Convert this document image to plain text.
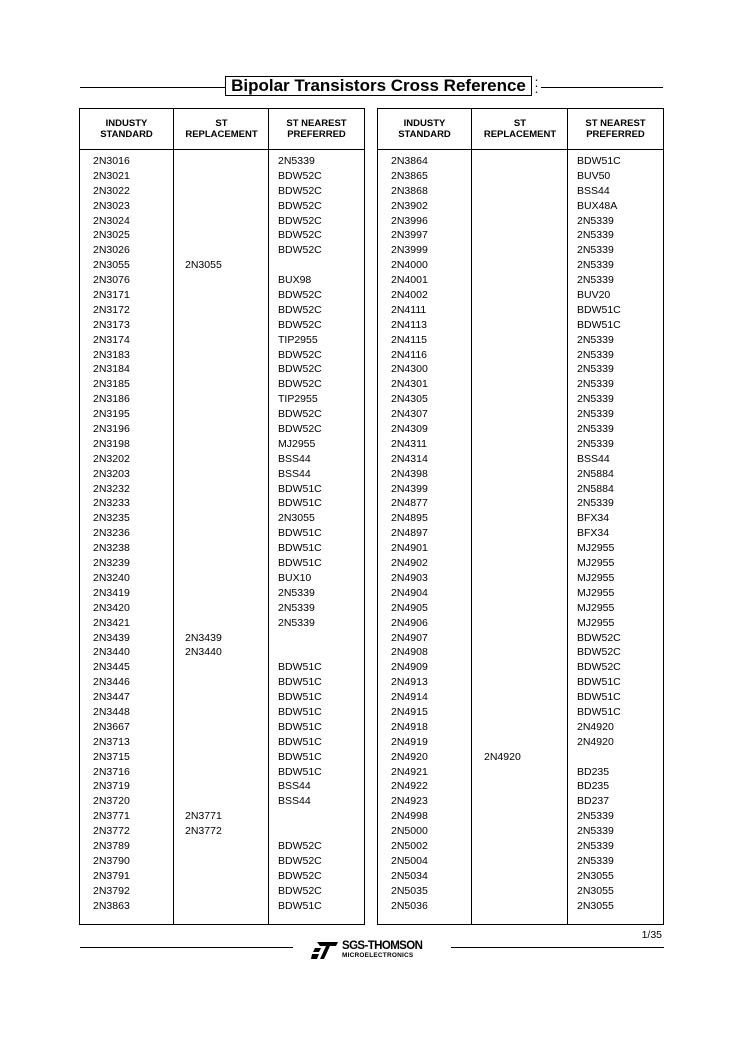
Bipolar Transistors Cross Reference	•
•
•
INDUSTY
STANDARD
2N3016
2N3021
2N3022
2N3023
2N3024
2N3025
2N3026
2N3055
2N3076
2N3171
2N3172
2N3173
2N3174
2N3183
2N3184
2N3185
2N3186
2N3195
2N3196
2N3198
2N3202
2N3203
2N3232
2N3233
2N3235
2N3236
2N3238
2N3239
2N3240
2N3419
2N3420
2N3421
2N3439
2N3440
2N3445
2N3446
2N3447
2N3448
2N3667
2N3713
2N3715
2N3716
2N3719
2N3720
2N3771
2N3772
2N3789
2N3790
2N3791
2N3792
2N3863
ST
REPLACEMENT
2N3055
2N3439
2N3440
2N3771
2N3772
ST NEAREST
PREFERRED
2N5339
BDW52C
BDW52C
BDW52C
BDW52C
BDW52C
BDW52C
BUX98
BDW52C
BDW52C
BDW52C
TIP2955
BDW52C
BDW52C
BDW52C
TIP2955
BDW52C
BDW52C
MJ2955
BSS44
BSS44
BDW51C
BDW51C
2N3055
BDW51C
BDW51C
BDW51C
BUX10
2N5339
2N5339
2N5339
BDW51C
BDW51C
BDW51C
BDW51C
BDW51C
BDW51C
BDW51C
BDW51C
BSS44
BSS44
BDW52C
BDW52C
BDW52C
BDW52C
BDW51C
INDUSTY
STANDARD
2N3864
2N3865
2N3868
2N3902
2N3996
2N3997
2N3999
2N4000
2N4001
2N4002
2N4111
2N4113
2N4115
2N4116
2N4300
2N4301
2N4305
2N4307
2N4309
2N4311
2N4314
2N4398
2N4399
2N4877
2N4895
2N4897
2N4901
2N4902
2N4903
2N4904
2N4905
2N4906
2N4907
2N4908
2N4909
2N4913
2N4914
2N4915
2N4918
2N4919
2N4920
2N4921
2N4922
2N4923
2N4998
2N5000
2N5002
2N5004
2N5034
2N5035
2N5036
ST
REPLACEMENT
2N4920
ST NEAREST
PREFERRED
BDW51C
BUV50
BSS44
BUX48A
2N5339
2N5339
2N5339
2N5339
2N5339
BUV20
BDW51C
BDW51C
2N5339
2N5339
2N5339
2N5339
2N5339
2N5339
2N5339
2N5339
BSS44
2N5884
2N5884
2N5339
BFX34
BFX34
MJ2955
MJ2955
MJ2955
MJ2955
MJ2955
MJ2955
BDW52C
BDW52C
BDW52C
BDW51C
BDW51C
BDW51C
2N4920
2N4920
BD235
BD235
BD237
2N5339
2N5339
2N5339
2N5339
2N3055
2N3055
2N3055
1/35
SGS-THOMSON
MICROELECTRONICS
